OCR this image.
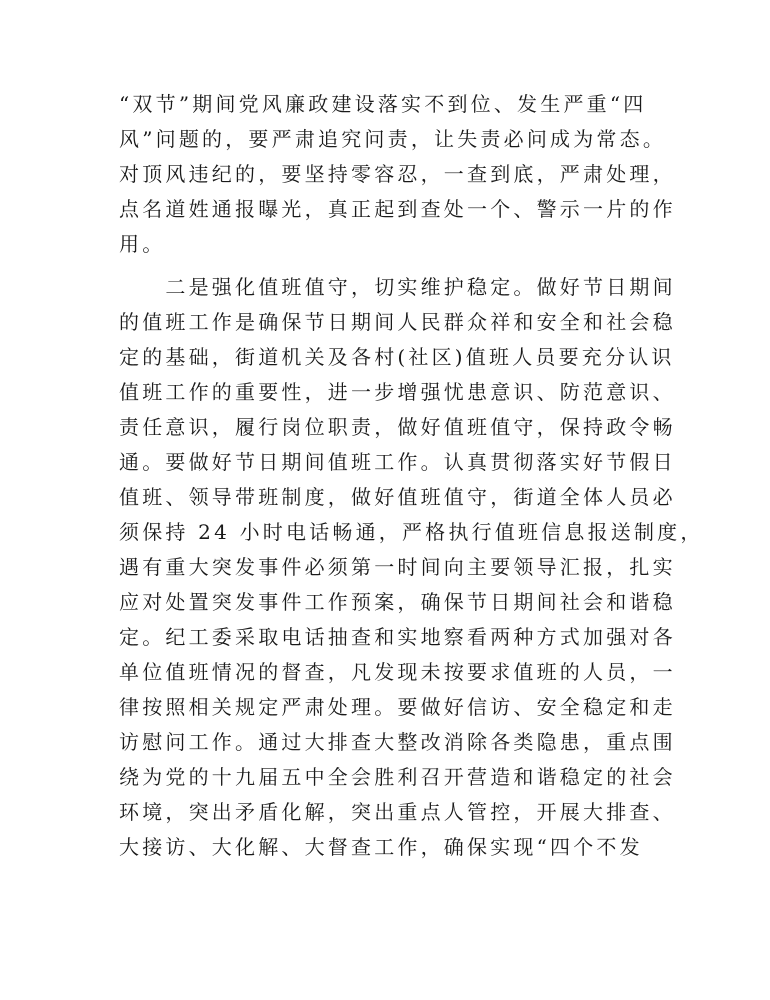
“双节”期间党风廉政建设落实不到位、发生严重“四
风”问题的，要严肃追究问责，让失责必问成为常态。
对顶风违纪的，要坚持零容忍，一查到底，严肃处理，
点名道姓通报曝光，真正起到查处一个、警示一片的作
用。
　　二是强化值班值守，切实维护稳定。做好节日期间
的值班工作是确保节日期间人民群众祥和安全和社会稳
定的基础，街道机关及各村(社区)值班人员要充分认识
值班工作的重要性，进一步增强忧患意识、防范意识、
责任意识，履行岗位职责，做好值班值守，保持政令畅
通。要做好节日期间值班工作。认真贯彻落实好节假日
值班、领导带班制度，做好值班值守，街道全体人员必
须保持 24 小时电话畅通，严格执行值班信息报送制度，
遇有重大突发事件必须第一时间向主要领导汇报，扎实
应对处置突发事件工作预案，确保节日期间社会和谐稳
定。纪工委采取电话抽查和实地察看两种方式加强对各
单位值班情况的督查，凡发现未按要求值班的人员，一
律按照相关规定严肃处理。要做好信访、安全稳定和走
访慰问工作。通过大排查大整改消除各类隐患，重点围
绕为党的十九届五中全会胜利召开营造和谐稳定的社会
环境，突出矛盾化解，突出重点人管控，开展大排查、
大接访、大化解、大督查工作，确保实现“四个不发
